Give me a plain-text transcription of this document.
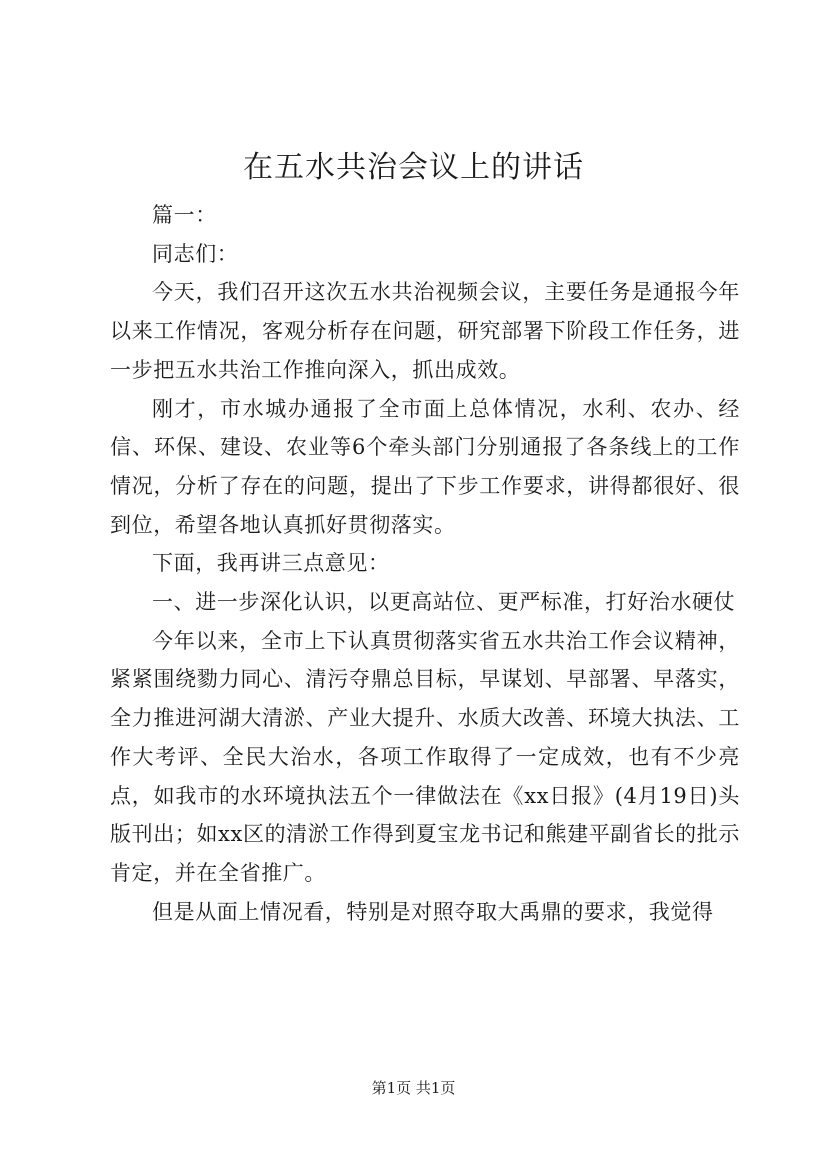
在五水共治会议上的讲话

篇一：

同志们：

今天，我们召开这次五水共治视频会议，主要任务是通报今年以来工作情况，客观分析存在问题，研究部署下阶段工作任务，进一步把五水共治工作推向深入，抓出成效。

刚才，市水城办通报了全市面上总体情况，水利、农办、经信、环保、建设、农业等6个牵头部门分别通报了各条线上的工作情况，分析了存在的问题，提出了下步工作要求，讲得都很好、很到位，希望各地认真抓好贯彻落实。

下面，我再讲三点意见：

一、进一步深化认识，以更高站位、更严标准，打好治水硬仗

今年以来，全市上下认真贯彻落实省五水共治工作会议精神，紧紧围绕勠力同心、清污夺鼎总目标，早谋划、早部署、早落实，全力推进河湖大清淤、产业大提升、水质大改善、环境大执法、工作大考评、全民大治水，各项工作取得了一定成效，也有不少亮点，如我市的水环境执法五个一律做法在《xx日报》(4月19日)头版刊出；如xx区的清淤工作得到夏宝龙书记和熊建平副省长的批示肯定，并在全省推广。

但是从面上情况看，特别是对照夺取大禹鼎的要求，我觉得

第1页 共1页
